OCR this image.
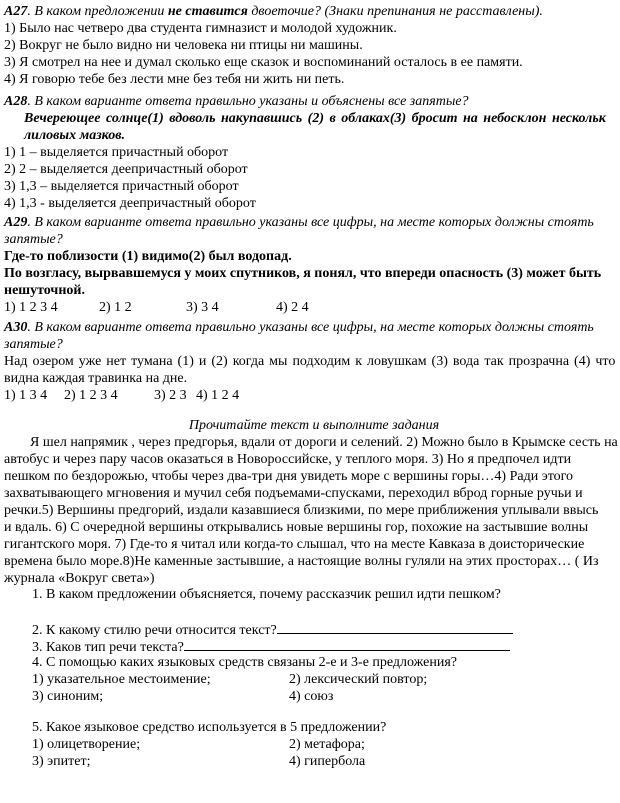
А27. В каком предложении не ставится двоеточие? (Знаки препинания не расставлены).
1) Было нас четверо два студента гимназист и молодой художник.
2) Вокруг не было видно ни человека ни птицы ни машины.
3) Я смотрел на нее и думал сколько еще сказок и воспоминаний осталось в ее памяти.
4) Я говорю тебе без лести мне без тебя ни жить ни петь.
А28. В каком варианте ответа правильно указаны и объяснены все запятые?
Вечереющее солнце(1) вдоволь накупавшись (2) в облаках(3) бросит на небосклон нескольк
лиловых мазков.
1) 1 – выделяется причастный оборот
2) 2 – выделяется деепричастный оборот
3) 1,3 – выделяется причастный оборот
4) 1,3 - выделяется деепричастный оборот
А29. В каком варианте ответа правильно указаны все цифры, на месте которых должны стоять
запятые?
Где-то поблизости (1) видимо(2) был водопад.
По возгласу, вырвавшемуся у моих спутников, я понял, что впереди опасность (3) может быть
нешуточной.
1) 1 2 3 4	2) 1 2	3) 3 4	4) 2 4
А30. В каком варианте ответа правильно указаны все цифры, на месте которых должны стоять
запятые?
Над озером уже нет тумана (1) и (2) когда мы подходим к ловушкам (3) вода так прозрачна (4) что
видна каждая травинка на дне.
1) 1 3 4 2) 1 2 3 4	3) 2 3 4) 1 2 4
Прочитайте текст и выполните задания
Я шел напрямик , через предгорья, вдали от дороги и селений. 2) Можно было в Крымске сесть на
автобус и через пару часов оказаться в Новороссийске, у теплого моря. 3) Но я предпочел идти
пешком по бездорожью, чтобы через два-три дня увидеть море с вершины горы…4) Ради этого
захватывающего мгновения и мучил себя подъемами-спусками, переходил вброд горные ручьи и
речки.5) Вершины предгорий, издали казавшиеся близкими, по мере приближения уплывали ввысь
и вдаль. 6) С очередной вершины открывались новые вершины гор, похожие на застывшие волны
гигантского моря. 7) Где-то я читал или когда-то слышал, что на месте Кавказа в доисторические
времена было море.8)Не каменные застывшие, а настоящие волны гуляли на этих просторах… ( Из
журнала «Вокруг света»)
1. В каком предложении объясняется, почему рассказчик решил идти пешком?
2. К какому стилю речи относится текст?
3. Каков тип речи текста?
4. С помощью каких языковых средств связаны 2-е и 3-е предложения?
1) указательное местоимение;	2) лексический повтор;
3) синоним;	4) союз
5. Какое языковое средство используется в 5 предложении?
1) олицетворение;	2) метафора;
3) эпитет;	4) гипербола
